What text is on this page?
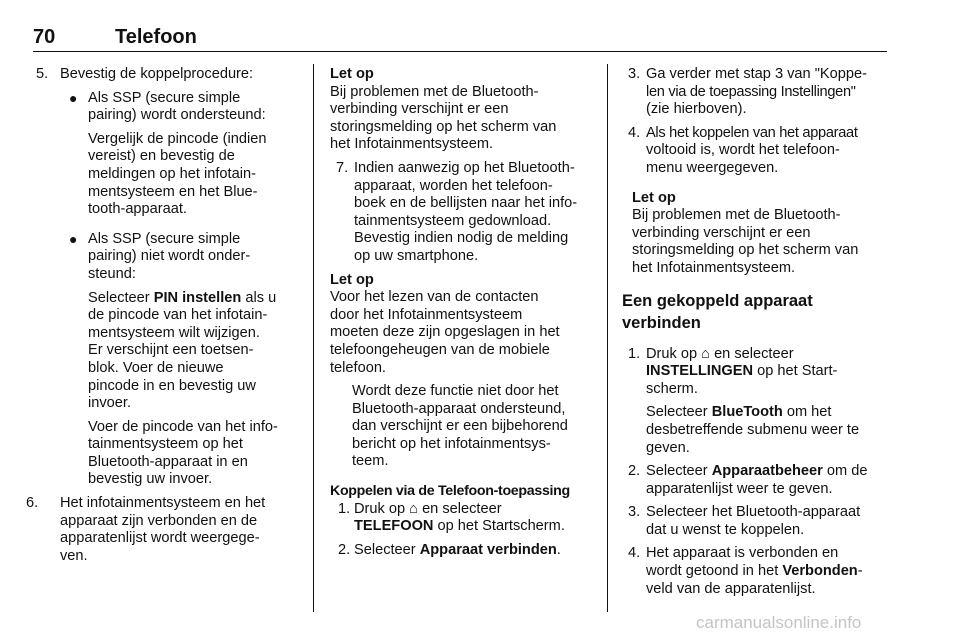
70	Telefoon
5. Bevestig de koppelprocedure:
● Als SSP (secure simple
pairing) wordt ondersteund:
Vergelijk de pincode (indien
vereist) en bevestig de
meldingen op het infotain-
mentsysteem en het Blue-
tooth-apparaat.
● Als SSP (secure simple
pairing) niet wordt onder-
steund:
Selecteer PIN instellen als u
de pincode van het infotain-
mentsysteem wilt wijzigen.
Er verschijnt een toetsen-
blok. Voer de nieuwe
pincode in en bevestig uw
invoer.
Voer de pincode van het info-
tainmentsysteem op het
Bluetooth-apparaat in en
bevestig uw invoer.
6. Het infotainmentsysteem en het
apparaat zijn verbonden en de
apparatenlijst wordt weergege-
ven.
Let op
Bij problemen met de Bluetooth-
verbinding verschijnt er een
storingsmelding op het scherm van
het Infotainmentsysteem.
7. Indien aanwezig op het Bluetooth-
apparaat, worden het telefoon-
boek en de bellijsten naar het info-
tainmentsysteem gedownload.
Bevestig indien nodig de melding
op uw smartphone.
Let op
Voor het lezen van de contacten
door het Infotainmentsysteem
moeten deze zijn opgeslagen in het
telefoongeheugen van de mobiele
telefoon.
Wordt deze functie niet door het
Bluetooth-apparaat ondersteund,
dan verschijnt er een bijbehorend
bericht op het infotainmentsys-
teem.
Koppelen via de Telefoon-toepassing
1. Druk op ⌂ en selecteer
TELEFOON op het Startscherm.
2. Selecteer Apparaat verbinden.
3. Ga verder met stap 3 van "Koppe-
len via de toepassing Instellingen"
(zie hierboven).
4. Als het koppelen van het apparaat
voltooid is, wordt het telefoon-
menu weergegeven.
Let op
Bij problemen met de Bluetooth-
verbinding verschijnt er een
storingsmelding op het scherm van
het Infotainmentsysteem.
Een gekoppeld apparaat
verbinden
1. Druk op ⌂ en selecteer
INSTELLINGEN op het Start-
scherm.
Selecteer BlueTooth om het
desbetreffende submenu weer te
geven.
2. Selecteer Apparaatbeheer om de
apparatenlijst weer te geven.
3. Selecteer het Bluetooth-apparaat
dat u wenst te koppelen.
4. Het apparaat is verbonden en
wordt getoond in het Verbonden-
veld van de apparatenlijst.
carmanualsonline.info
